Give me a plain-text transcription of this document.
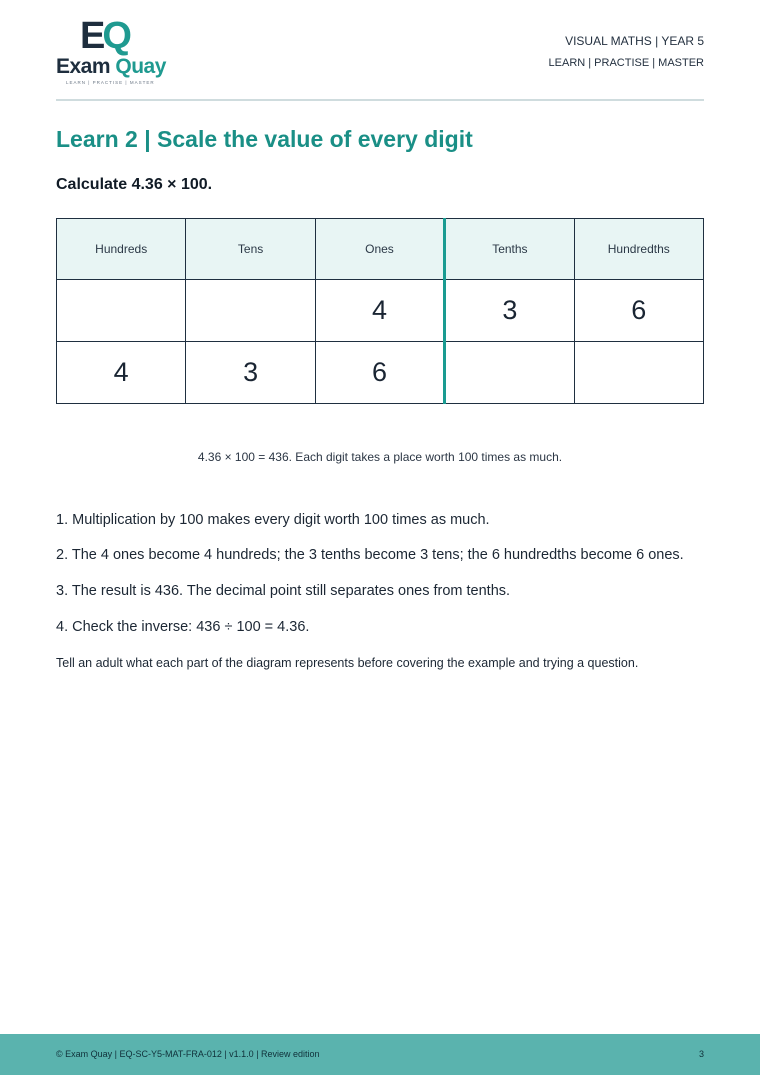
EQ
Exam Quay
LEARN | PRACTISE | MASTER
VISUAL MATHS | YEAR 5
LEARN | PRACTISE | MASTER
Learn 2 | Scale the value of every digit
Calculate 4.36 × 100.
Hundreds	Tens	Ones	Tenths	Hundredths
		4	3	6
4	3	6		
4.36 × 100 = 436. Each digit takes a place worth 100 times as much.
1. Multiplication by 100 makes every digit worth 100 times as much.
2. The 4 ones become 4 hundreds; the 3 tenths become 3 tens; the 6 hundredths become 6 ones.
3. The result is 436. The decimal point still separates ones from tenths.
4. Check the inverse: 436 ÷ 100 = 4.36.
Tell an adult what each part of the diagram represents before covering the example and trying a question.
© Exam Quay | EQ-SC-Y5-MAT-FRA-012 | v1.1.0 | Review edition	3
